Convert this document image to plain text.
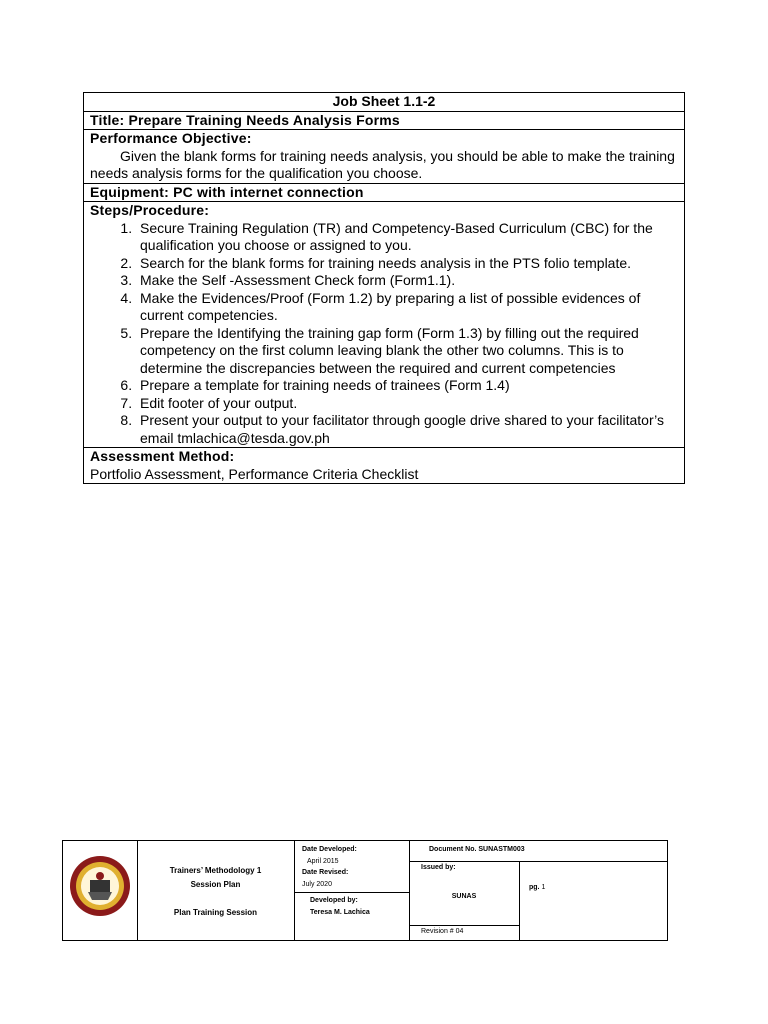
Job Sheet 1.1-2
Title: Prepare Training Needs Analysis Forms

Performance Objective:
Given the blank forms for training needs analysis, you should be able to make the training needs analysis forms for the qualification you choose.

Equipment: PC with internet connection

Steps/Procedure:
1. Secure Training Regulation (TR) and Competency-Based Curriculum (CBC) for the qualification you choose or assigned to you.
2. Search for the blank forms for training needs analysis in the PTS folio template.
3. Make the Self -Assessment Check form (Form1.1).
4. Make the Evidences/Proof (Form 1.2) by preparing a list of possible evidences of current competencies.
5. Prepare the Identifying the training gap form (Form 1.3) by filling out the required competency on the first column leaving blank the other two columns. This is to determine the discrepancies between the required and current competencies
6. Prepare a template for training needs of trainees (Form 1.4)
7. Edit footer of your output.
8. Present your output to your facilitator through google drive shared to your facilitator’s email tmlachica@tesda.gov.ph

Assessment Method:
Portfolio Assessment, Performance Criteria Checklist
Trainers’ Methodology 1
Session Plan
Plan Training Session
Date Developed:
April 2015
Date Revised:
July 2020
Developed by:
Teresa M. Lachica
Document No. SUNASTM003
Issued by:
SUNAS
Revision # 04
pg. 1
